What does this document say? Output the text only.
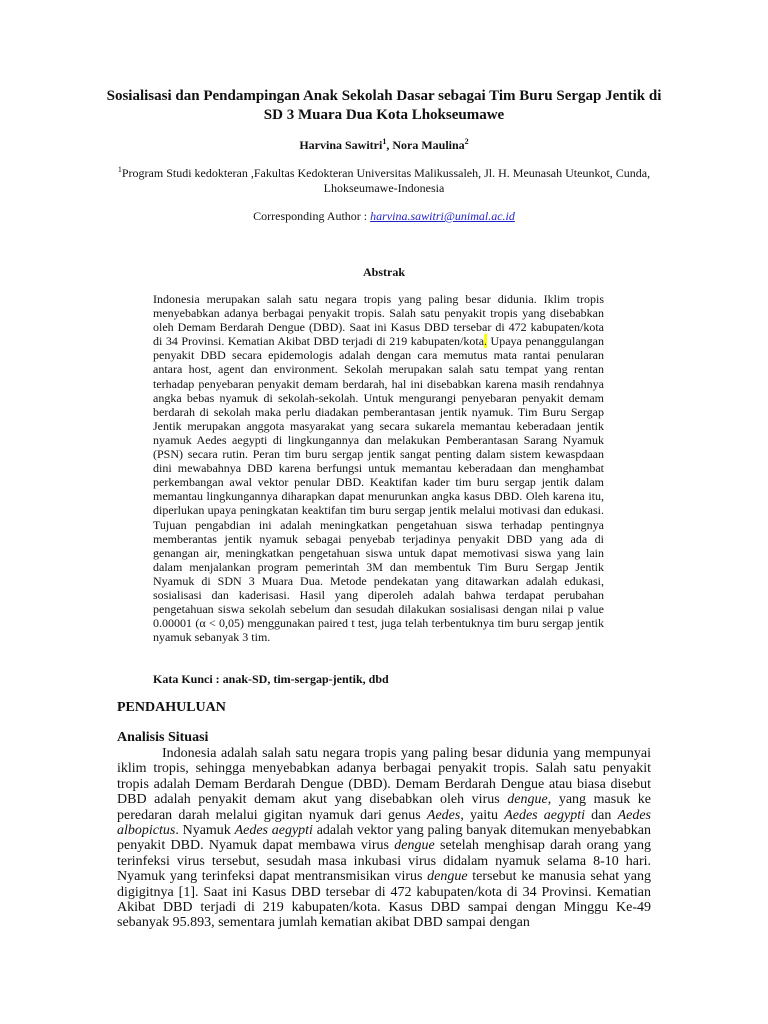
Sosialisasi dan Pendampingan Anak Sekolah Dasar sebagai Tim Buru Sergap Jentik di SD 3 Muara Dua Kota Lhokseumawe
Harvina Sawitri$^1$, Nora Maulina$^2$
$^1$Program Studi kedokteran ,Fakultas Kedokteran Universitas Malikussaleh, Jl. H. Meunasah Uteunkot, Cunda, Lhokseumawe-Indonesia
Corresponding Author : harvina.sawitri@unimal.ac.id
Abstrak

Indonesia merupakan salah satu negara tropis yang paling besar didunia. Iklim tropis menyebabkan adanya berbagai penyakit tropis. Salah satu penyakit tropis yang disebabkan oleh Demam Berdarah Dengue (DBD). Saat ini Kasus DBD tersebar di 472 kabupaten/kota di 34 Provinsi. Kematian Akibat DBD terjadi di 219 kabupaten/kota. Upaya penanggulangan penyakit DBD secara epidemologis adalah dengan cara memutus mata rantai penularan antara host, agent dan environment. Sekolah merupakan salah satu tempat yang rentan terhadap penyebaran penyakit demam berdarah, hal ini disebabkan karena masih rendahnya angka bebas nyamuk di sekolah-sekolah. Untuk mengurangi penyebaran penyakit demam berdarah di sekolah maka perlu diadakan pemberantasan jentik nyamuk. Tim Buru Sergap Jentik merupakan anggota masyarakat yang secara sukarela memantau keberadaan jentik nyamuk Aedes aegypti di lingkungannya dan melakukan Pemberantasan Sarang Nyamuk (PSN) secara rutin. Peran tim buru sergap jentik sangat penting dalam sistem kewaspdaan dini mewabahnya DBD karena berfungsi untuk memantau keberadaan dan menghambat perkembangan awal vektor penular DBD. Keaktifan kader tim buru sergap jentik dalam memantau lingkungannya diharapkan dapat menurunkan angka kasus DBD. Oleh karena itu, diperlukan upaya peningkatan keaktifan tim buru sergap jentik melalui motivasi dan edukasi. Tujuan pengabdian ini adalah meningkatkan pengetahuan siswa terhadap pentingnya memberantas jentik nyamuk sebagai penyebab terjadinya penyakit DBD yang ada di genangan air, meningkatkan pengetahuan siswa untuk dapat memotivasi siswa yang lain dalam menjalankan program pemerintah 3M dan membentuk Tim Buru Sergap Jentik Nyamuk di SDN 3 Muara Dua. Metode pendekatan yang ditawarkan adalah edukasi, sosialisasi dan kaderisasi. Hasil yang diperoleh adalah bahwa terdapat perubahan pengetahuan siswa sekolah sebelum dan sesudah dilakukan sosialisasi dengan nilai p value 0.00001 (α < 0,05) menggunakan paired t test, juga telah terbentuknya tim buru sergap jentik nyamuk sebanyak 3 tim.

Kata Kunci : anak-SD, tim-sergap-jentik, dbd
PENDAHULUAN
Analisis Situasi

Indonesia adalah salah satu negara tropis yang paling besar didunia yang mempunyai iklim tropis, sehingga menyebabkan adanya berbagai penyakit tropis. Salah satu penyakit tropis adalah Demam Berdarah Dengue (DBD). Demam Berdarah Dengue atau biasa disebut DBD adalah penyakit demam akut yang disebabkan oleh virus dengue, yang masuk ke peredaran darah melalui gigitan nyamuk dari genus Aedes, yaitu Aedes aegypti dan Aedes albopictus. Nyamuk Aedes aegypti adalah vektor yang paling banyak ditemukan menyebabkan penyakit DBD. Nyamuk dapat membawa virus dengue setelah menghisap darah orang yang terinfeksi virus tersebut, sesudah masa inkubasi virus didalam nyamuk selama 8-10 hari. Nyamuk yang terinfeksi dapat mentransmisikan virus dengue tersebut ke manusia sehat yang digigitnya [1]. Saat ini Kasus DBD tersebar di 472 kabupaten/kota di 34 Provinsi. Kematian Akibat DBD terjadi di 219 kabupaten/kota. Kasus DBD sampai dengan Minggu Ke-49 sebanyak 95.893, sementara jumlah kematian akibat DBD sampai dengan
